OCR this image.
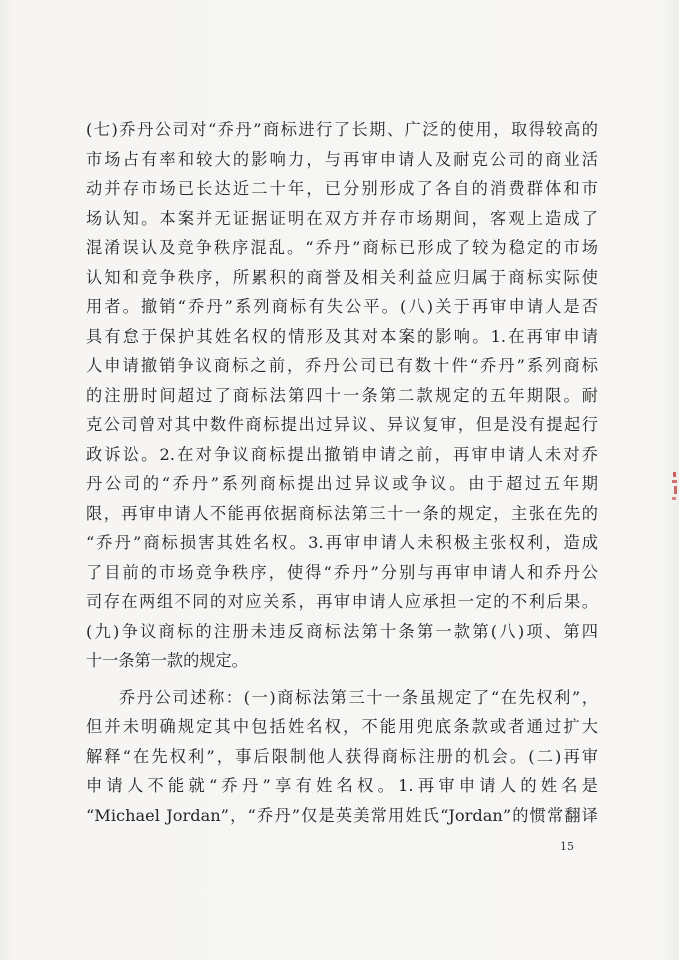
(七)乔丹公司对“乔丹”商标进行了长期、广泛的使用，取得较高的
市场占有率和较大的影响力，与再审申请人及耐克公司的商业活
动并存市场已长达近二十年，已分别形成了各自的消费群体和市
场认知。本案并无证据证明在双方并存市场期间，客观上造成了
混淆误认及竞争秩序混乱。“乔丹”商标已形成了较为稳定的市场
认知和竞争秩序，所累积的商誉及相关利益应归属于商标实际使
用者。撤销“乔丹”系列商标有失公平。(八)关于再审申请人是否
具有怠于保护其姓名权的情形及其对本案的影响。1.在再审申请
人申请撤销争议商标之前，乔丹公司已有数十件“乔丹”系列商标
的注册时间超过了商标法第四十一条第二款规定的五年期限。耐
克公司曾对其中数件商标提出过异议、异议复审，但是没有提起行
政诉讼。2.在对争议商标提出撤销申请之前，再审申请人未对乔
丹公司的“乔丹”系列商标提出过异议或争议。由于超过五年期
限，再审申请人不能再依据商标法第三十一条的规定，主张在先的
“乔丹”商标损害其姓名权。3.再审申请人未积极主张权利，造成
了目前的市场竞争秩序，使得“乔丹”分别与再审申请人和乔丹公
司存在两组不同的对应关系，再审申请人应承担一定的不利后果。
(九)争议商标的注册未违反商标法第十条第一款第(八)项、第四
十一条第一款的规定。
乔丹公司述称：(一)商标法第三十一条虽规定了“在先权利”，
但并未明确规定其中包括姓名权，不能用兜底条款或者通过扩大
解释“在先权利”，事后限制他人获得商标注册的机会。(二)再审
申请人不能就“乔丹”享有姓名权。1.再审申请人的姓名是
“Michael Jordan”，“乔丹”仅是英美常用姓氏“Jordan”的惯常翻译
15
